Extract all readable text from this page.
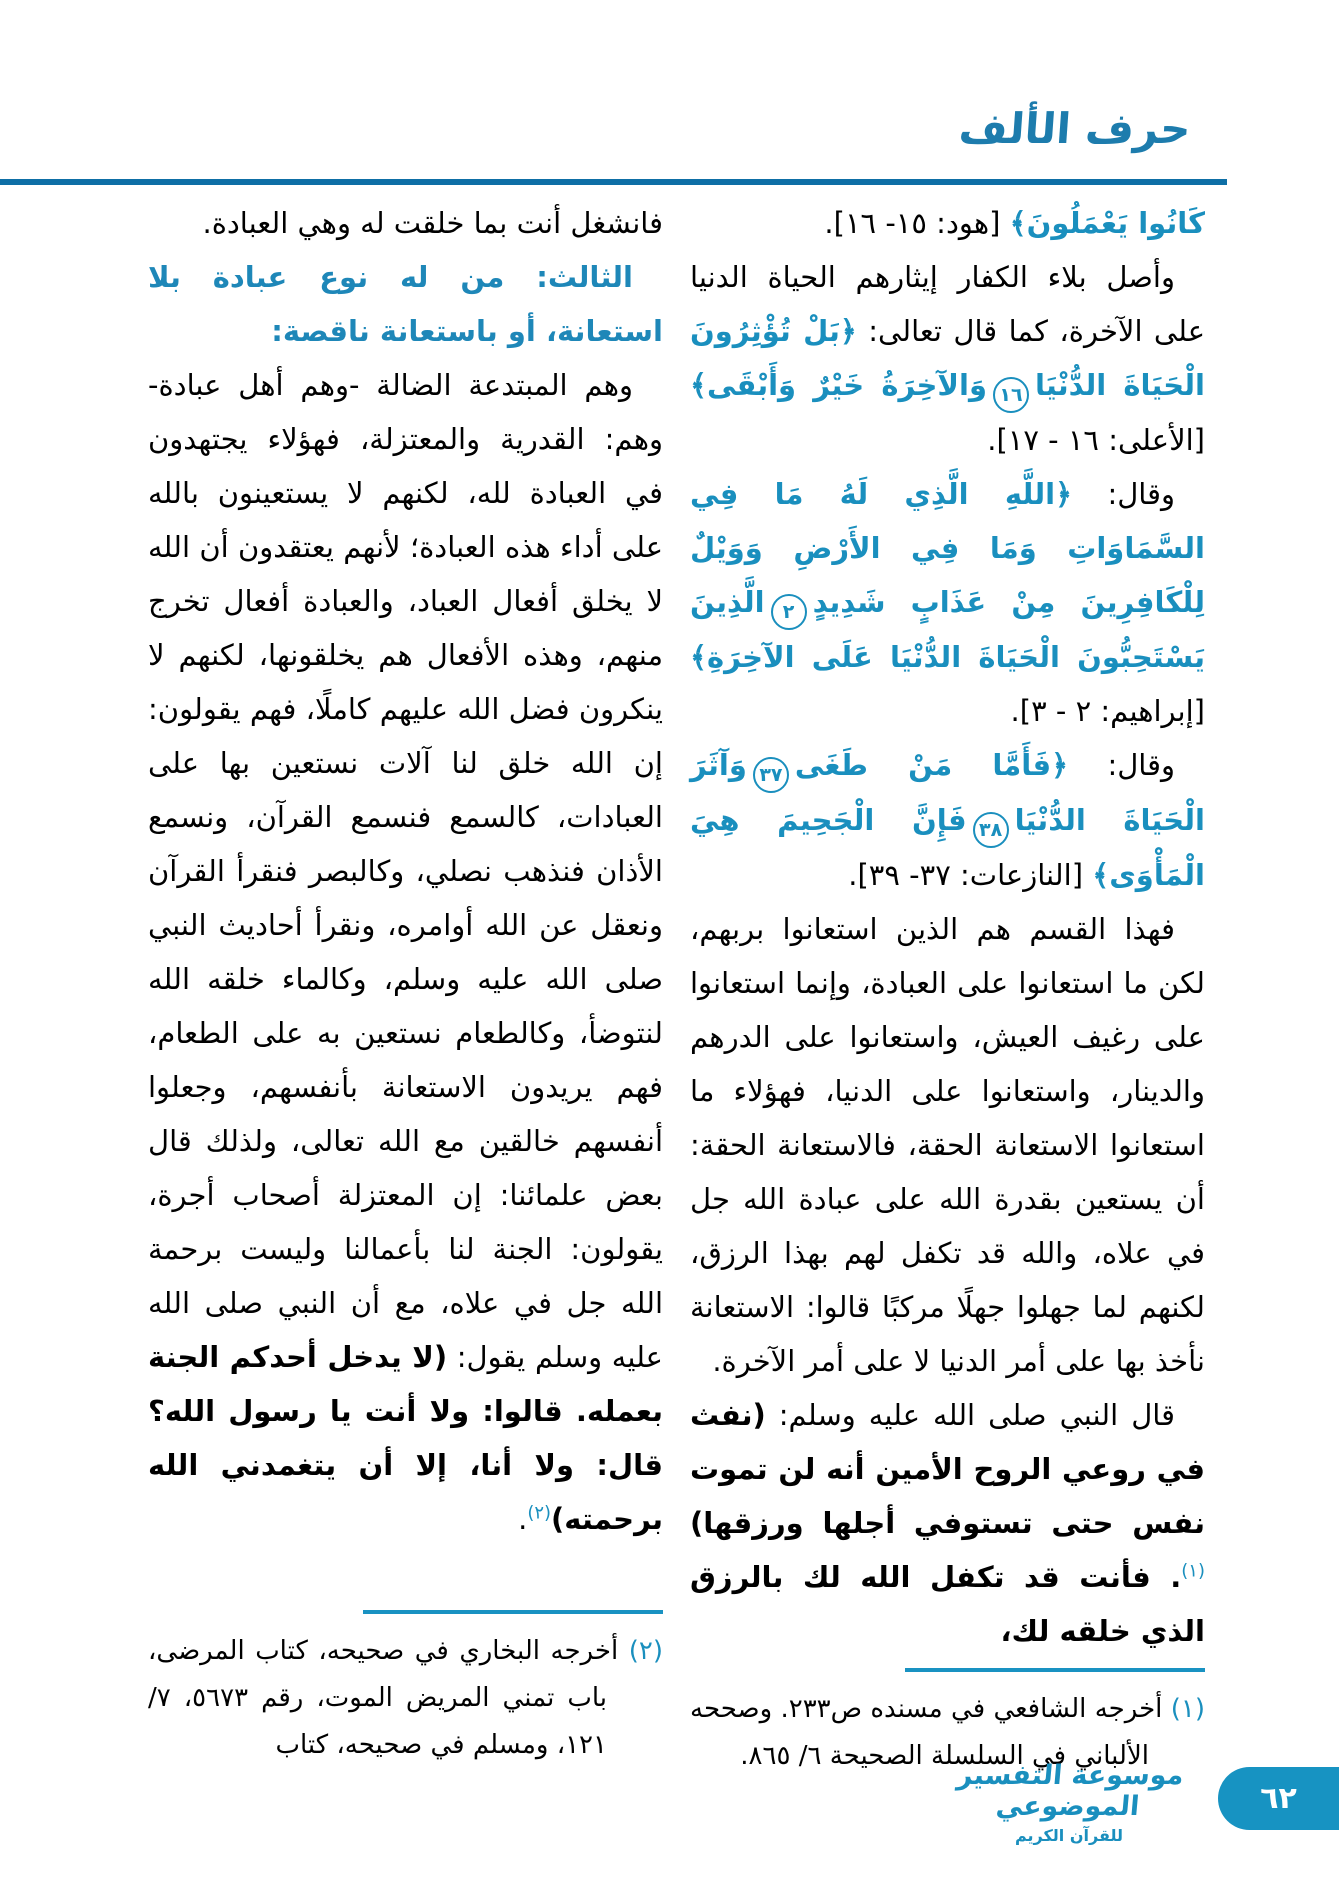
حرف الألف

كَانُوا يَعْمَلُونَ﴾ [هود: ١٥- ١٦].

وأصل بلاء الكفار إيثارهم الحياة الدنيا على الآخرة، كما قال تعالى: ﴿بَلْ تُؤْثِرُونَ الْحَيَاةَ الدُّنْيَا١٦وَالآخِرَةُ خَيْرٌ وَأَبْقَى﴾ [الأعلى: ١٦ - ١٧].

وقال: ﴿اللَّهِ الَّذِي لَهُ مَا فِي السَّمَاوَاتِ وَمَا فِي الأَرْضِ وَوَيْلٌ لِلْكَافِرِينَ مِنْ عَذَابٍ شَدِيدٍ٢الَّذِينَ يَسْتَحِبُّونَ الْحَيَاةَ الدُّنْيَا عَلَى الآخِرَةِ﴾ [إبراهيم: ٢ - ٣].

وقال: ﴿فَأَمَّا مَنْ طَغَى٣٧وَآثَرَ الْحَيَاةَ الدُّنْيَا٣٨فَإِنَّ الْجَحِيمَ هِيَ الْمَأْوَى﴾ [النازعات: ٣٧- ٣٩].

فهذا القسم هم الذين استعانوا بربهم، لكن ما استعانوا على العبادة، وإنما استعانوا على رغيف العيش، واستعانوا على الدرهم والدينار، واستعانوا على الدنيا، فهؤلاء ما استعانوا الاستعانة الحقة، فالاستعانة الحقة: أن يستعين بقدرة الله على عبادة الله جل في علاه، والله قد تكفل لهم بهذا الرزق، لكنهم لما جهلوا جهلًا مركبًا قالوا: الاستعانة نأخذ بها على أمر الدنيا لا على أمر الآخرة.

قال النبي صلى الله عليه وسلم: (نفث في روعي الروح الأمين أنه لن تموت نفس حتى تستوفي أجلها ورزقها)$^{(١)}$. فأنت قد تكفل الله لك بالرزق الذي خلقه لك،

(١) أخرجه الشافعي في مسنده ص٢٣٣. وصححه الألباني في السلسلة الصحيحة ٦/ ٨٦٥.

فانشغل أنت بما خلقت له وهي العبادة.

الثالث: من له نوع عبادة بلا استعانة، أو باستعانة ناقصة:

وهم المبتدعة الضالة -وهم أهل عبادة- وهم: القدرية والمعتزلة، فهؤلاء يجتهدون في العبادة لله، لكنهم لا يستعينون بالله على أداء هذه العبادة؛ لأنهم يعتقدون أن الله لا يخلق أفعال العباد، والعبادة أفعال تخرج منهم، وهذه الأفعال هم يخلقونها، لكنهم لا ينكرون فضل الله عليهم كاملًا، فهم يقولون: إن الله خلق لنا آلات نستعين بها على العبادات، كالسمع فنسمع القرآن، ونسمع الأذان فنذهب نصلي، وكالبصر فنقرأ القرآن ونعقل عن الله أوامره، ونقرأ أحاديث النبي صلى الله عليه وسلم، وكالماء خلقه الله لنتوضأ، وكالطعام نستعين به على الطعام، فهم يريدون الاستعانة بأنفسهم، وجعلوا أنفسهم خالقين مع الله تعالى، ولذلك قال بعض علمائنا: إن المعتزلة أصحاب أجرة، يقولون: الجنة لنا بأعمالنا وليست برحمة الله جل في علاه، مع أن النبي صلى الله عليه وسلم يقول: (لا يدخل أحدكم الجنة بعمله. قالوا: ولا أنت يا رسول الله؟ قال: ولا أنا، إلا أن يتغمدني الله برحمته)$^{(٢)}$.

(٢) أخرجه البخاري في صحيحه، كتاب المرضى، باب تمني المريض الموت، رقم ٥٦٧٣، ٧/ ١٢١، ومسلم في صحيحه، كتاب
موسوعة التفسير الموضوعي
للقرآن الكريم
٦٢
